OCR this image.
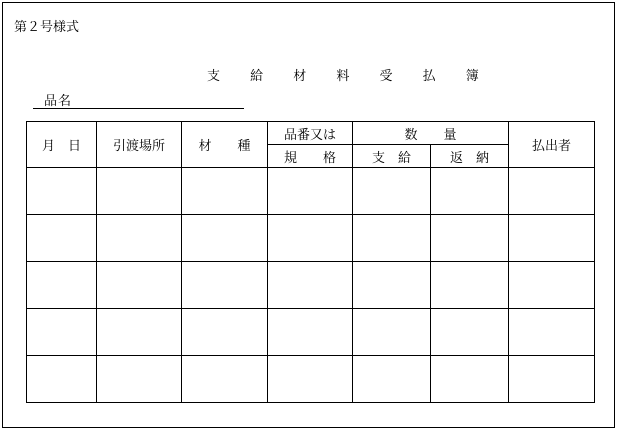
第２号様式
支 給 材 料 受 払 簿
品名
月　日	引渡場所	材　　種	品番又は	数　　量		払出者
			規　　格	支　給	返　納	
